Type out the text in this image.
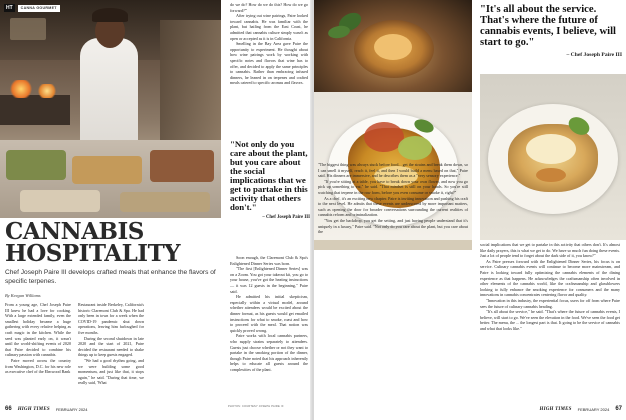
HT	CANNA GOURMET
CANNABIS
HOSPITALITY
Chef Joseph Paire III develops crafted meals that enhance the flavors of specific terpenes.
By Keegan Williams

From a young age, Chef Joseph Paire III knew he had a love for cooking. With a large extended family, even the smallest holiday became a huge gathering with every relative helping as craft magic in the kitchen. While the seed was planted early on, it wasn't until the world-shifting events of 2020 that Paire decided to combine his culinary passion with cannabis.

Paire moved across the country from Washington, D.C. for his new role as executive chef of the Elmwood Bank

Restaurant inside Berkeley, California's historic Claremont Club & Spa. He had only been in town for a week when the COVID-19 pandemic shut down operations, leaving him furloughed for five months.

During the second shutdown in late 2020 and the start of 2021, Paire decided the restaurant needed to shake things up to keep guests engaged.

"We had a good rhythm going, and we were building some good momentum, and just like that, it stops again," he said. "During that time, we really said, 'What

do we do? How do we do this? How do we go forward?'"

After trying out wine pairings, Paire looked toward cannabis. He was familiar with the plant, but hailing from the East Coast, he admitted that cannabis culture simply wasn't as open or accepted as it is in California.

Smelling in the Bay Area gave Paire the opportunity to experiment. He thought about how wine pairings work by working with specific notes and flavors that wine has to offer, and decided to apply the same principles to cannabis. Rather than embracing infused dinners, he leaned in on terpenes and crafted meals catered to specific aromas and flavors.

"Not only do you care about the plant, but you care about the social implications that we get to partake in this activity that others don't."
– Chef Joseph Paire III

Soon enough, the Claremont Club & Spa's Enlightened Dinner Series was born.

"The first [Enlightened Dinner Series] was on a Zoom. You got your takeout kit, you go to your house, you've got the heating instructions — it was 12 guests in the beginning," Paire said.

He admitted his initial skepticism, especially within a virtual model, around whether attendees would be excited about the dinner format, as his guests would get emailed instructions for what to smoke, roast and how to proceed with the meal. That notion was quickly proved wrong.

Paire works with local cannabis partners, who supply strains separately to attendees. Guests just choose whether or not they want to partake in the smoking portion of the dinner, though Paire noted that his approach inherently helps to educate all guests around the complexities of the plant.

66 HIGH TIMES FEBRUARY 2024	PHOTOS: COURTESY JOSEPH PAIRE III
"It's all about the service. That's where the future of cannabis events, I believe, will start to go."
– Chef Joseph Paire III

"The biggest thing was always stuck before food... get the strains and break them down, so I can smell it myself, reach it, feel it, and then I would build a menu based on that," Paire said. His dinners are immersive, and he describes them as a "very sensory experience."

"If you're sitting at a table, you have to break down your own flower, and now you go pick up something to eat," he said. "That mindset is still on your hands. So you're still watching that terpene in the raw form, before you even consume or smoke it, right?"

As a chef, it's an exciting new chapter. Paire is inviting innovation and pushing his craft to the next level. He admits that these events are underscored by more important matters, such as opening the door for broader conversations surrounding the current realities of cannabis reform and criminalization.

"You get the backdrop, you get the setting, and just having people understand that it's uniquely in a luxury," Paire said. "Not only do you care about the plant, but you care about the

social implications that we get to partake in this activity that others don't. It's almost like daily prayers, this is what we get to do. We have so much fun doing these events. Just a lot of people tend to forget about the dark side of it, you know?"

As Paire presses forward with the Enlightened Dinner Series, his focus is on service. Culinary cannabis events will continue to become more mainstream, and Paire is looking toward fully optimizing the cannabis elements of the dining experience as that happens. He acknowledges the craftsmanship often involved in other elements of the cannabis world, like the craftsmanship and glassblowers looking to fully enhance the smoking experience for consumers and the many innovations in cannabis concentrates centering flavor and quality.

"Innovation in this industry, the experiential focus, users for off from where Paire sees the future of culinary cannabis heading.

"It's all about the service," he said. "That's where the future of cannabis events, I believe, will start to go. We've seen the elevation in the food. We've seen the food get better. The menu, the ... the longest part is that. It going to be the service of cannabis and what that looks like."

HIGH TIMES FEBRUARY 2024 67
